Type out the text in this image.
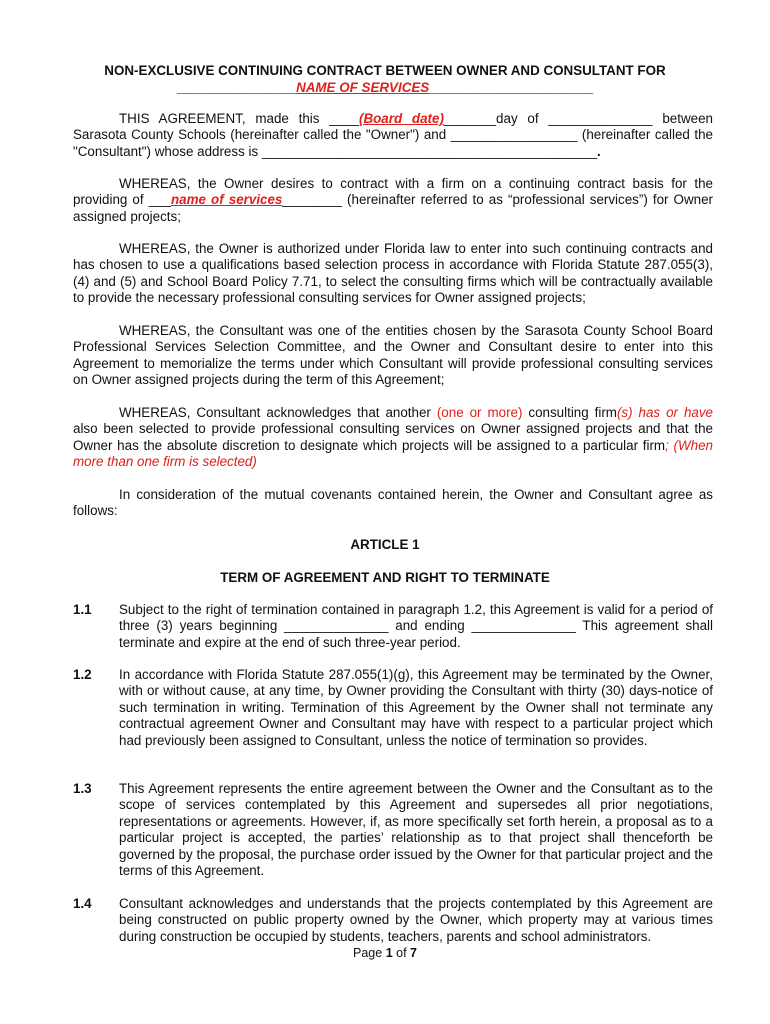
NON-EXCLUSIVE CONTINUING CONTRACT BETWEEN OWNER AND CONSULTANT FOR
________________NAME OF SERVICES______________________

THIS AGREEMENT, made this ____(Board date)_______day of ______________ between Sarasota County Schools (hereinafter called the "Owner") and _________________ (hereinafter called the "Consultant") whose address is _____________________________________________.

WHEREAS, the Owner desires to contract with a firm on a continuing contract basis for the providing of ___name of services________ (hereinafter referred to as “professional services”) for Owner assigned projects;

WHEREAS, the Owner is authorized under Florida law to enter into such continuing contracts and has chosen to use a qualifications based selection process in accordance with Florida Statute 287.055(3), (4) and (5) and School Board Policy 7.71, to select the consulting firms which will be contractually available to provide the necessary professional consulting services for Owner assigned projects;

WHEREAS, the Consultant was one of the entities chosen by the Sarasota County School Board Professional Services Selection Committee, and the Owner and Consultant desire to enter into this Agreement to memorialize the terms under which Consultant will provide professional consulting services on Owner assigned projects during the term of this Agreement;

WHEREAS, Consultant acknowledges that another (one or more) consulting firm(s) has or have also been selected to provide professional consulting services on Owner assigned projects and that the Owner has the absolute discretion to designate which projects will be assigned to a particular firm; (When more than one firm is selected)

In consideration of the mutual covenants contained herein, the Owner and Consultant agree as follows:

ARTICLE 1
TERM OF AGREEMENT AND RIGHT TO TERMINATE
1.1 Subject to the right of termination contained in paragraph 1.2, this Agreement is valid for a period of three (3) years beginning ______________ and ending ______________ This agreement shall terminate and expire at the end of such three-year period.

1.2 In accordance with Florida Statute 287.055(1)(g), this Agreement may be terminated by the Owner, with or without cause, at any time, by Owner providing the Consultant with thirty (30) days-notice of such termination in writing. Termination of this Agreement by the Owner shall not terminate any contractual agreement Owner and Consultant may have with respect to a particular project which had previously been assigned to Consultant, unless the notice of termination so provides.

1.3 This Agreement represents the entire agreement between the Owner and the Consultant as to the scope of services contemplated by this Agreement and supersedes all prior negotiations, representations or agreements. However, if, as more specifically set forth herein, a proposal as to a particular project is accepted, the parties’ relationship as to that project shall thenceforth be governed by the proposal, the purchase order issued by the Owner for that particular project and the terms of this Agreement.

1.4 Consultant acknowledges and understands that the projects contemplated by this Agreement are being constructed on public property owned by the Owner, which property may at various times during construction be occupied by students, teachers, parents and school administrators.

Page 1 of 7
